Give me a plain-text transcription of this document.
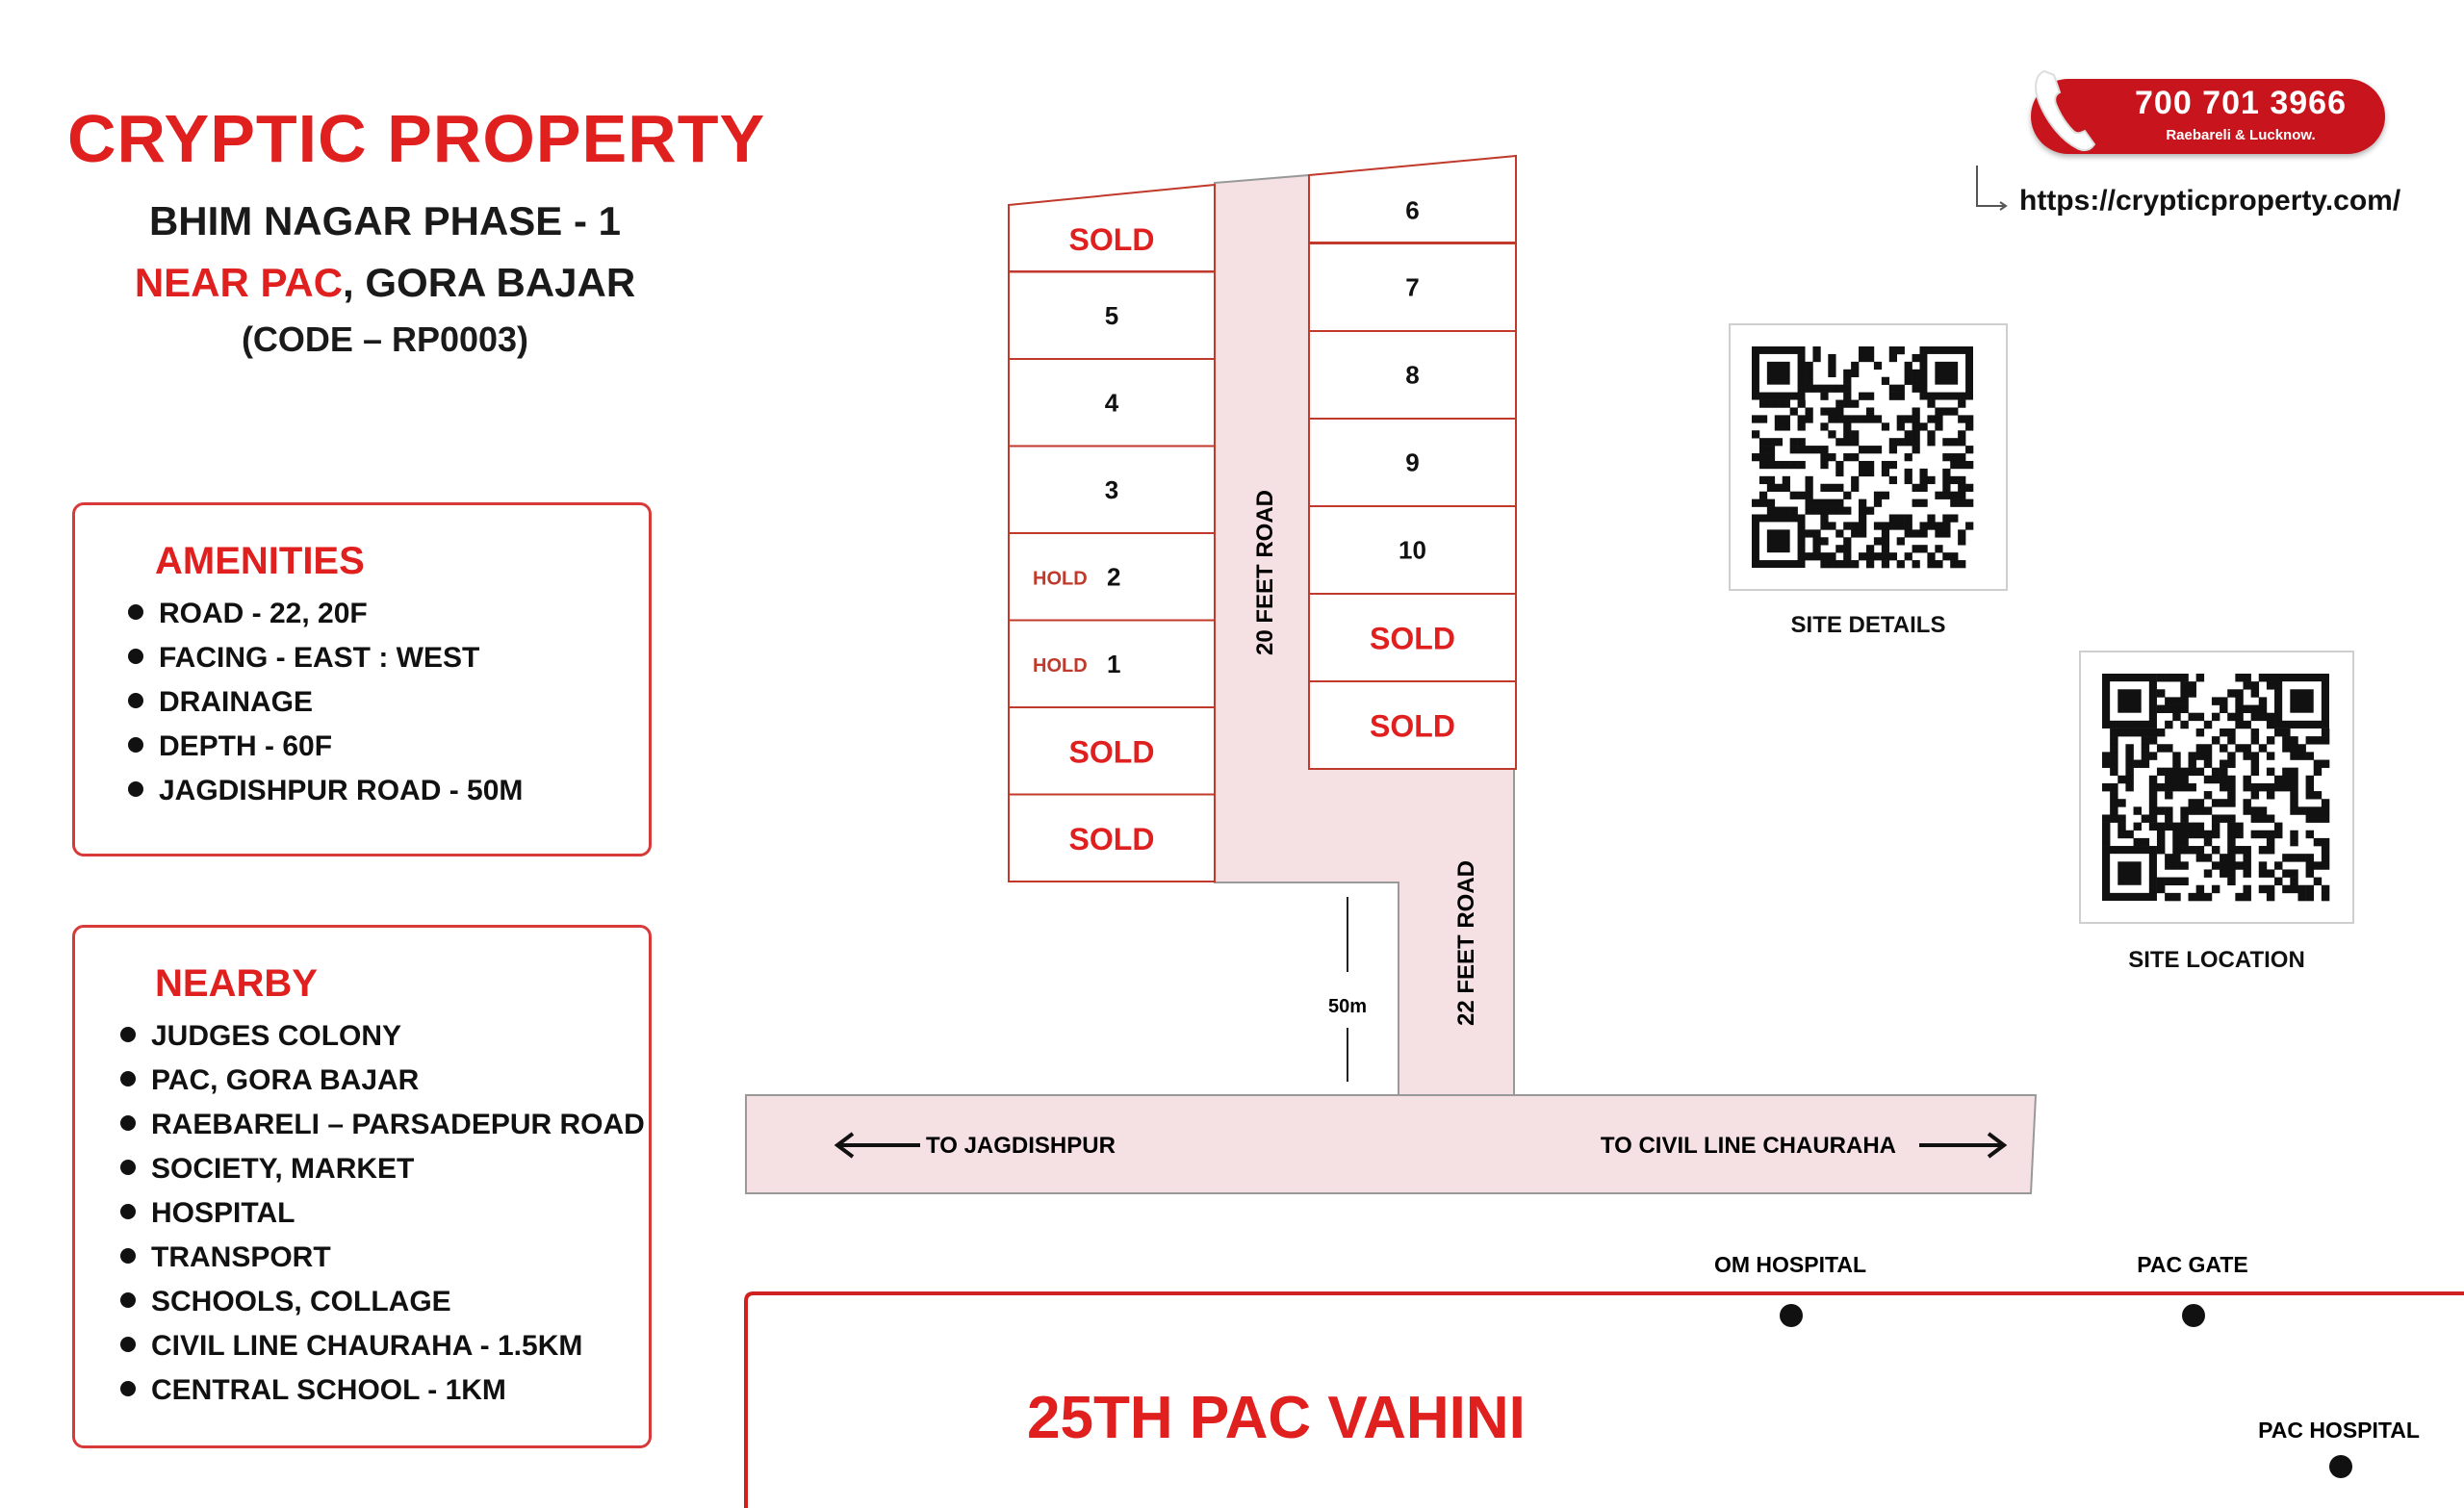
CRYPTIC PROPERTY
BHIM NAGAR PHASE - 1
NEAR PAC, GORA BAJAR
(CODE – RP0003)
AMENITIES
ROAD - 22, 20F
FACING - EAST : WEST
DRAINAGE
DEPTH - 60F
JAGDISHPUR ROAD - 50M
NEARBY
JUDGES COLONY
PAC, GORA BAJAR
RAEBARELI – PARSADEPUR ROAD
SOCIETY, MARKET
HOSPITAL
TRANSPORT
SCHOOLS, COLLAGE
CIVIL LINE CHAURAHA - 1.5KM
CENTRAL SCHOOL - 1KM
700 701 3966
Raebareli & Lucknow.
https://crypticproperty.com/
SITE DETAILS
SITE LOCATION
50m
20 FEET ROAD
22 FEET ROAD
TO JAGDISHPUR	TO CIVIL LINE CHAURAHA
SOLD
5
4
3
HOLD 2
HOLD 1
SOLD
SOLD
6
7
8
9
10
SOLD
SOLD
25TH PAC VAHINI
OM HOSPITAL	PAC GATE
PAC HOSPITAL
